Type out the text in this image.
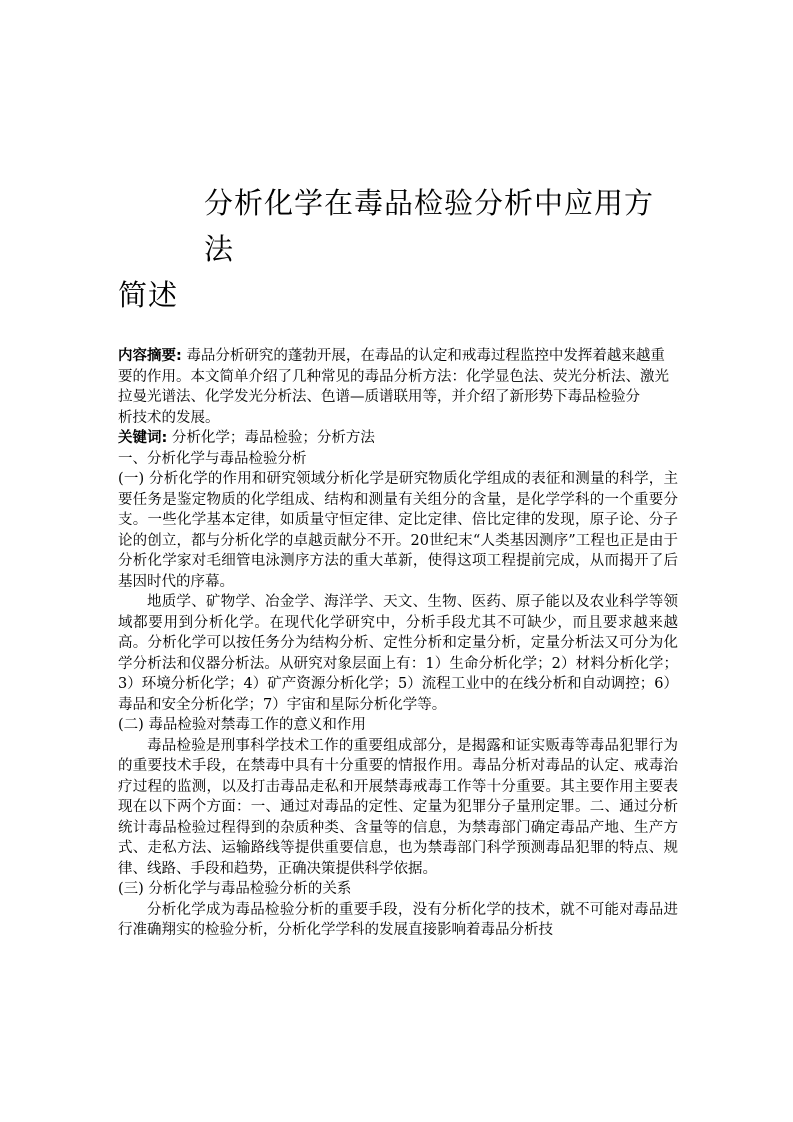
分析化学在毒品检验分析中应用方法
简述

内容摘要: 毒品分析研究的蓬勃开展，在毒品的认定和戒毒过程监控中发挥着越来越重要的作用。本文简单介绍了几种常见的毒品分析方法：化学显色法、荧光分析法、激光拉曼光谱法、化学发光分析法、色谱—质谱联用等，并介绍了新形势下毒品检验分

析技术的发展。

关键词: 分析化学；毒品检验；分析方法

一、分析化学与毒品检验分析

(一) 分析化学的作用和研究领域分析化学是研究物质化学组成的表征和测量的科学，主要任务是鉴定物质的化学组成、结构和测量有关组分的含量，是化学学科的一个重要分支。一些化学基本定律，如质量守恒定律、定比定律、倍比定律的发现，原子论、分子论的创立，都与分析化学的卓越贡献分不开。20世纪末“人类基因测序”工程也正是由于分析化学家对毛细管电泳测序方法的重大革新，使得这项工程提前完成，从而揭开了后基因时代的序幕。

地质学、矿物学、冶金学、海洋学、天文、生物、医药、原子能以及农业科学等领域都要用到分析化学。在现代化学研究中，分析手段尤其不可缺少，而且要求越来越高。分析化学可以按任务分为结构分析、定性分析和定量分析，定量分析法又可分为化学分析法和仪器分析法。从研究对象层面上有：1）生命分析化学；2）材料分析化学；3）环境分析化学；4）矿产资源分析化学；5）流程工业中的在线分析和自动调控；6）毒品和安全分析化学；7）宇宙和星际分析化学等。

(二) 毒品检验对禁毒工作的意义和作用

毒品检验是刑事科学技术工作的重要组成部分，是揭露和证实贩毒等毒品犯罪行为的重要技术手段，在禁毒中具有十分重要的情报作用。毒品分析对毒品的认定、戒毒治疗过程的监测，以及打击毒品走私和开展禁毒戒毒工作等十分重要。其主要作用主要表现在以下两个方面：一、通过对毒品的定性、定量为犯罪分子量刑定罪。二、通过分析统计毒品检验过程得到的杂质种类、含量等的信息，为禁毒部门确定毒品产地、生产方式、走私方法、运输路线等提供重要信息，也为禁毒部门科学预测毒品犯罪的特点、规律、线路、手段和趋势，正确决策提供科学依据。

(三) 分析化学与毒品检验分析的关系

分析化学成为毒品检验分析的重要手段，没有分析化学的技术，就不可能对毒品进行准确翔实的检验分析，分析化学学科的发展直接影响着毒品分析技
